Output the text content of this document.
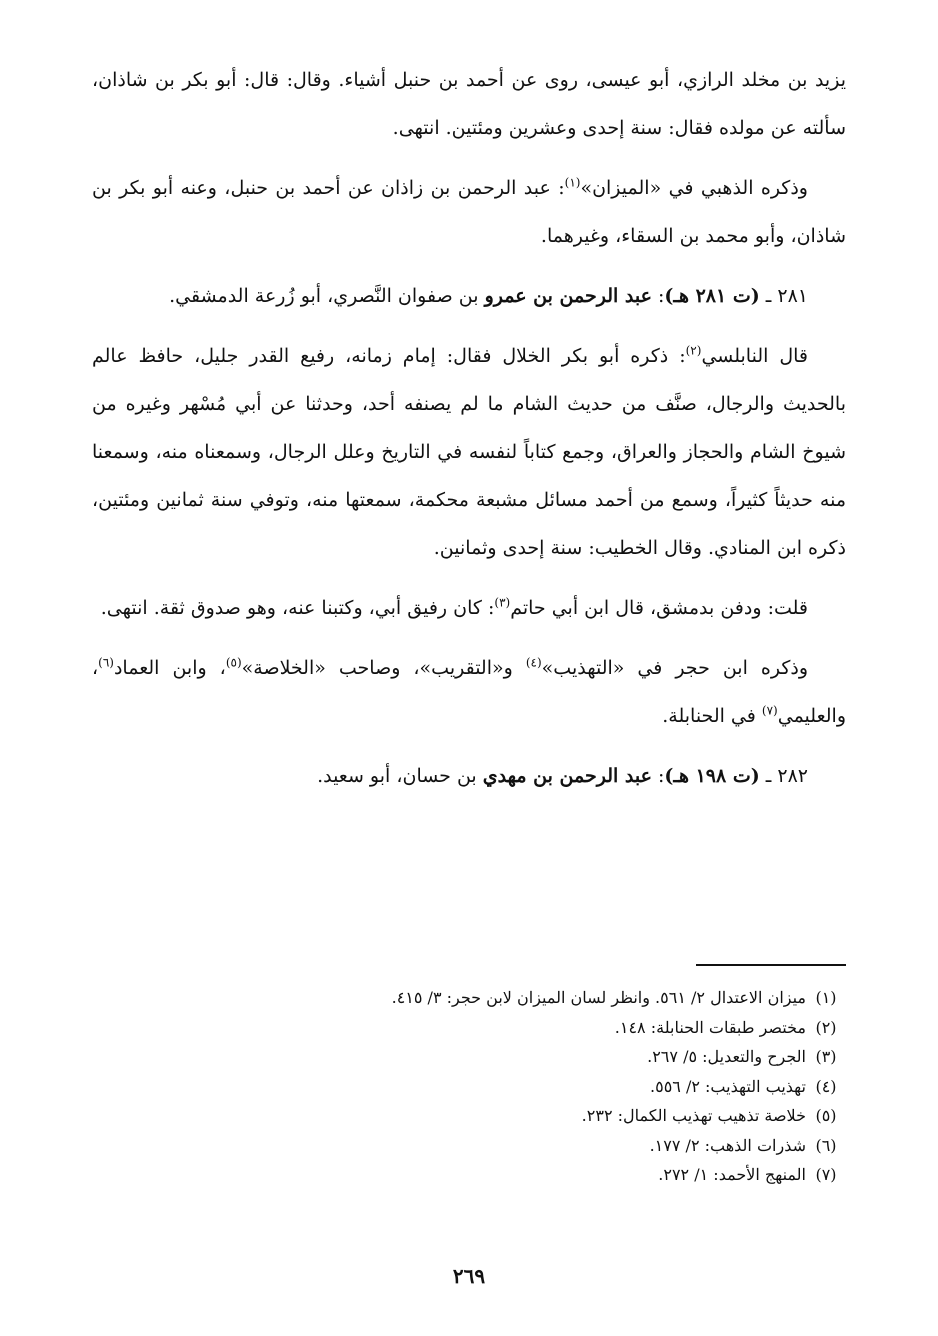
يزيد بن مخلد الرازي، أبو عيسى، روى عن أحمد بن حنبل أشياء. وقال: قال: أبو بكر بن شاذان، سألته عن مولده فقال: سنة إحدى وعشرين ومئتين. انتهى.

وذكره الذهبي في «الميزان»$^{(١)}$: عبد الرحمن بن زاذان عن أحمد بن حنبل، وعنه أبو بكر بن شاذان، وأبو محمد بن السقاء، وغيرهما.

٢٨١ ـ (ت ٢٨١ هـ): عبد الرحمن بن عمرو بن صفوان النَّصري، أبو زُرعة الدمشقي.

قال النابلسي$^{(٢)}$: ذكره أبو بكر الخلال فقال: إمام زمانه، رفيع القدر جليل، حافظ عالم بالحديث والرجال، صنَّف من حديث الشام ما لم يصنفه أحد، وحدثنا عن أبي مُسْهر وغيره من شيوخ الشام والحجاز والعراق، وجمع كتاباً لنفسه في التاريخ وعلل الرجال، وسمعناه منه، وسمعنا منه حديثاً كثيراً، وسمع من أحمد مسائل مشبعة محكمة، سمعتها منه، وتوفي سنة ثمانين ومئتين، ذكره ابن المنادي. وقال الخطيب: سنة إحدى وثمانين.

قلت: ودفن بدمشق، قال ابن أبي حاتم$^{(٣)}$: كان رفيق أبي، وكتبنا عنه، وهو صدوق ثقة. انتهى.

وذكره ابن حجر في «التهذيب»$^{(٤)}$ و«التقريب»، وصاحب «الخلاصة»$^{(٥)}$، وابن العماد$^{(٦)}$، والعليمي$^{(٧)}$ في الحنابلة.

٢٨٢ ـ (ت ١٩٨ هـ): عبد الرحمن بن مهدي بن حسان، أبو سعيد.

(١)
ميزان الاعتدال ٢/ ٥٦١. وانظر لسان الميزان لابن حجر: ٣/ ٤١٥.
(٢)
مختصر طبقات الحنابلة: ١٤٨.
(٣)
الجرح والتعديل: ٥/ ٢٦٧.
(٤)
تهذيب التهذيب: ٢/ ٥٥٦.
(٥)
خلاصة تذهيب تهذيب الكمال: ٢٣٢.
(٦)
شذرات الذهب: ٢/ ١٧٧.
(٧)
المنهج الأحمد: ١/ ٢٧٢.
٢٦٩
